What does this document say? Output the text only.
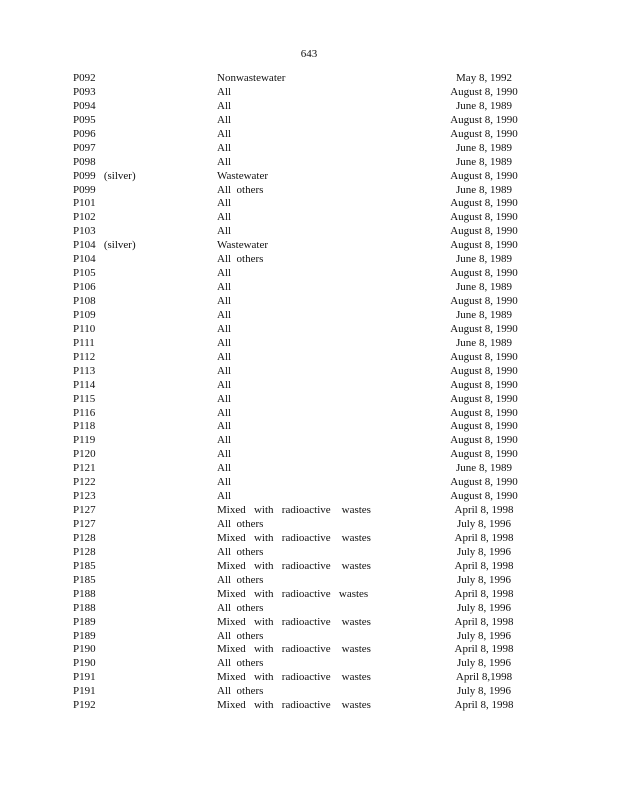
643
P092	Nonwastewater	May 8, 1992
P093	All	August 8, 1990
P094	All	June 8, 1989
P095	All	August 8, 1990
P096	All	August 8, 1990
P097	All	June 8, 1989
P098	All	June 8, 1989
P099   (silver)	Wastewater	August 8, 1990
P099	All  others	June 8, 1989
P101	All	August 8, 1990
P102	All	August 8, 1990
P103	All	August 8, 1990
P104   (silver)	Wastewater	August 8, 1990
P104	All  others	June 8, 1989
P105	All	August 8, 1990
P106	All	June 8, 1989
P108	All	August 8, 1990
P109	All	June 8, 1989
P110	All	August 8, 1990
P111	All	June 8, 1989
P112	All	August 8, 1990
P113	All	August 8, 1990
P114	All	August 8, 1990
P115	All	August 8, 1990
P116	All	August 8, 1990
P118	All	August 8, 1990
P119	All	August 8, 1990
P120	All	August 8, 1990
P121	All	June 8, 1989
P122	All	August 8, 1990
P123	All	August 8, 1990
P127	Mixed   with   radioactive    wastes	April 8, 1998
P127	All  others	July 8, 1996
P128	Mixed   with   radioactive    wastes	April 8, 1998
P128	All  others	July 8, 1996
P185	Mixed   with   radioactive    wastes	April 8, 1998
P185	All  others	July 8, 1996
P188	Mixed   with   radioactive   wastes	April 8, 1998
P188	All  others	July 8, 1996
P189	Mixed   with   radioactive    wastes	April 8, 1998
P189	All  others	July 8, 1996
P190	Mixed   with   radioactive    wastes	April 8, 1998
P190	All  others	July 8, 1996
P191	Mixed   with   radioactive    wastes	April 8,1998
P191	All  others	July 8, 1996
P192	Mixed   with   radioactive    wastes	April 8, 1998
